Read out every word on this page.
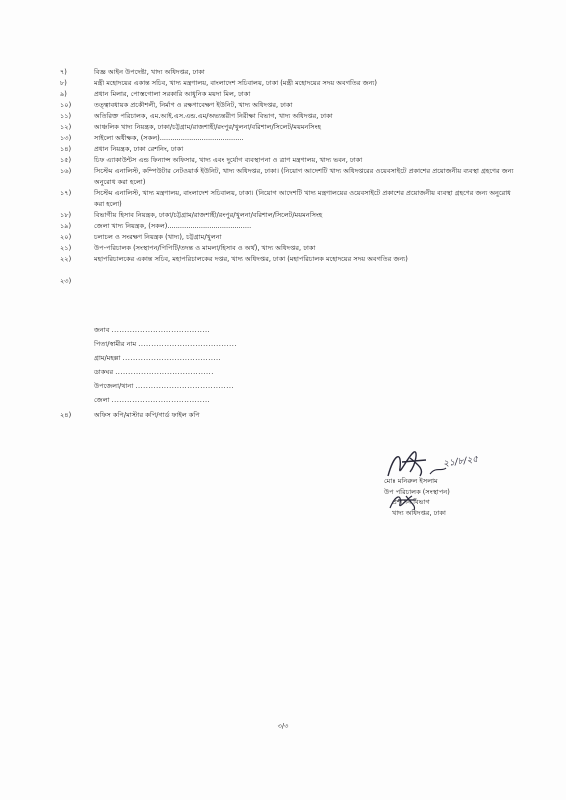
৭)	বিজ্ঞ আইন উপদেষ্টা, খাদ্য অধিদপ্তর, ঢাকা
৮)	মন্ত্রী মহোদয়ের একান্ত সচিব, খাদ্য মন্ত্রণালয়, বাংলাদেশ সচিবালয়, ঢাকা (মন্ত্রী মহোদয়ের সদয় অবগতির জন্য)
৯)	প্রধান মিলার, পোস্তগোলা সরকারি আধুনিক ময়দা মিল, ঢাকা
১০)	তত্ত্বাবধায়ক প্রকৌশলী, নির্মাণ ও রক্ষণাবেক্ষণ ইউনিট, খাদ্য অধিদপ্তর, ঢাকা
১১)	অতিরিক্ত পরিচালক, এম.আই.এস.এন্ড.এম/অভ্যন্তরীণ নিরীক্ষা বিভাগ, খাদ্য অধিদপ্তর, ঢাকা
১২)	আঞ্চলিক খাদ্য নিয়ন্ত্রক, ঢাকা/চট্টগ্রাম/রাজশাহী/রংপুর/খুলনা/বরিশাল/সিলেট/ময়মনসিংহ
১৩)	সাইলো অধীক্ষক, (সকল)........................................
১৪)	প্রধান নিয়ন্ত্রক, ঢাকা রেশনিং, ঢাকা
১৫)	চিফ এ্যাকাউন্টস এন্ড ফিন্যান্স অফিসার, খাদ্য এবং দুর্যোগ ব্যবস্থাপনা ও ত্রাণ মন্ত্রণালয়, খাদ্য ভবন, ঢাকা
১৬)	সিস্টেম এনালিস্ট, কম্পিউটার নেটওয়ার্ক ইউনিট, খাদ্য অধিদপ্তর, ঢাকা। (নিয়োগ আদেশটি খাদ্য অধিদপ্তরের ওয়েবসাইটে প্রকাশের প্রয়োজনীয় ব্যবস্থা গ্রহণের জন্য অনুরোধ করা হলো)
১৭)	সিস্টেম এনালিস্ট, খাদ্য মন্ত্রণালয়, বাংলাদেশ সচিবালয়, ঢাকা। (নিয়োগ আদেশটি খাদ্য মন্ত্রণালয়ের ওয়েবসাইটে প্রকাশের প্রয়োজনীয় ব্যবস্থা গ্রহণের জন্য অনুরোধ করা হলো)
১৮)	বিভাগীয় হিসাব নিয়ন্ত্রক, ঢাকা/চট্টগ্রাম/রাজশাহী/রংপুর/খুলনা/বরিশাল/সিলেট/ময়মনসিংহ
১৯)	জেলা খাদ্য নিয়ন্ত্রক, (সকল)........................................
২০)	চলাচল ও সংরক্ষণ নিয়ন্ত্রক (খাদ্য), চট্টগ্রাম/খুলনা
২১)	উপ-পরিচালক (সংস্থাপন/পিপিটি/তদন্ত ও মামলা/হিসাব ও অর্থ), খাদ্য অধিদপ্তর, ঢাকা
২২)	মহাপরিচালকের একান্ত সচিব, মহাপরিচালকের দপ্তর, খাদ্য অধিদপ্তর, ঢাকা (মহাপরিচালক মহোদয়ের সদয় অবগতির জন্য)
২৩)
জনাব ......................................
পিতা/স্বামীর নাম ......................................
গ্রাম/মহল্লা ......................................
ডাকঘর ......................................
উপজেলা/থানা ......................................
জেলা ......................................
২৪)	অফিস কপি/মাস্টার কপি/গার্ড ফাইল কপি
২১/৮/২৫
মোঃ মনিরুল ইসলাম
উপ পরিচালক (সংস্থাপন)
প্রশাসন বিভাগ
খাদ্য অধিদপ্তর, ঢাকা
৩/৩
